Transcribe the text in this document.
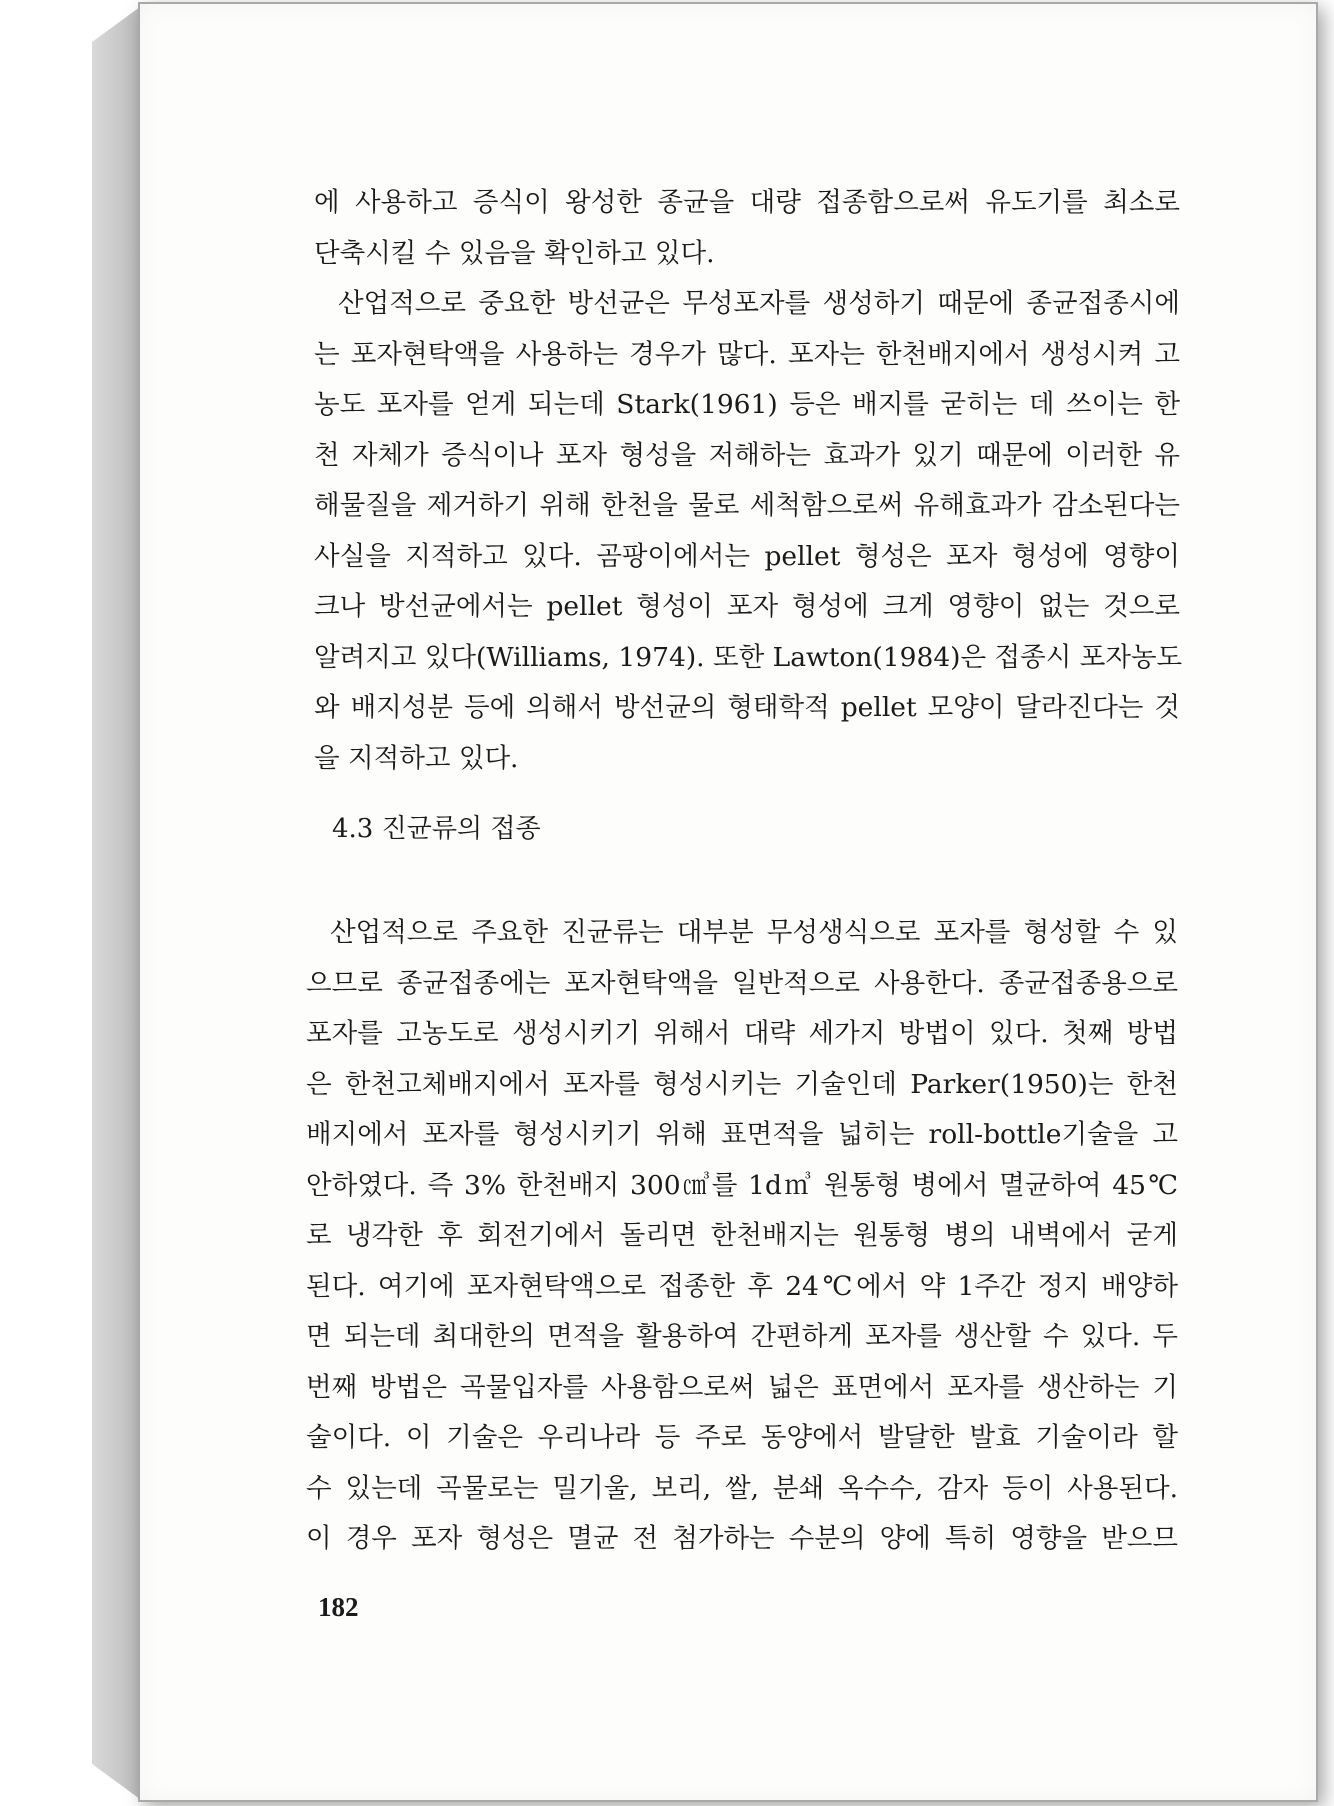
에 사용하고 증식이 왕성한 종균을 대량 접종함으로써 유도기를 최소로
단축시킬 수 있음을 확인하고 있다.
산업적으로 중요한 방선균은 무성포자를 생성하기 때문에 종균접종시에
는 포자현탁액을 사용하는 경우가 많다. 포자는 한천배지에서 생성시켜 고
농도 포자를 얻게 되는데 Stark(1961) 등은 배지를 굳히는 데 쓰이는 한
천 자체가 증식이나 포자 형성을 저해하는 효과가 있기 때문에 이러한 유
해물질을 제거하기 위해 한천을 물로 세척함으로써 유해효과가 감소된다는
사실을 지적하고 있다. 곰팡이에서는 pellet 형성은 포자 형성에 영향이
크나 방선균에서는 pellet 형성이 포자 형성에 크게 영향이 없는 것으로
알려지고 있다(Williams, 1974). 또한 Lawton(1984)은 접종시 포자농도
와 배지성분 등에 의해서 방선균의 형태학적 pellet 모양이 달라진다는 것
을 지적하고 있다.
4.3 진균류의 접종
산업적으로 주요한 진균류는 대부분 무성생식으로 포자를 형성할 수 있
으므로 종균접종에는 포자현탁액을 일반적으로 사용한다. 종균접종용으로
포자를 고농도로 생성시키기 위해서 대략 세가지 방법이 있다. 첫째 방법
은 한천고체배지에서 포자를 형성시키는 기술인데 Parker(1950)는 한천
배지에서 포자를 형성시키기 위해 표면적을 넓히는 roll-bottle기술을 고
안하였다. 즉 3% 한천배지 300㎤를 1d㎥ 원통형 병에서 멸균하여 45℃
로 냉각한 후 회전기에서 돌리면 한천배지는 원통형 병의 내벽에서 굳게
된다. 여기에 포자현탁액으로 접종한 후 24℃에서 약 1주간 정지 배양하
면 되는데 최대한의 면적을 활용하여 간편하게 포자를 생산할 수 있다. 두
번째 방법은 곡물입자를 사용함으로써 넓은 표면에서 포자를 생산하는 기
술이다. 이 기술은 우리나라 등 주로 동양에서 발달한 발효 기술이라 할
수 있는데 곡물로는 밀기울, 보리, 쌀, 분쇄 옥수수, 감자 등이 사용된다.
이 경우 포자 형성은 멸균 전 첨가하는 수분의 양에 특히 영향을 받으므
182
